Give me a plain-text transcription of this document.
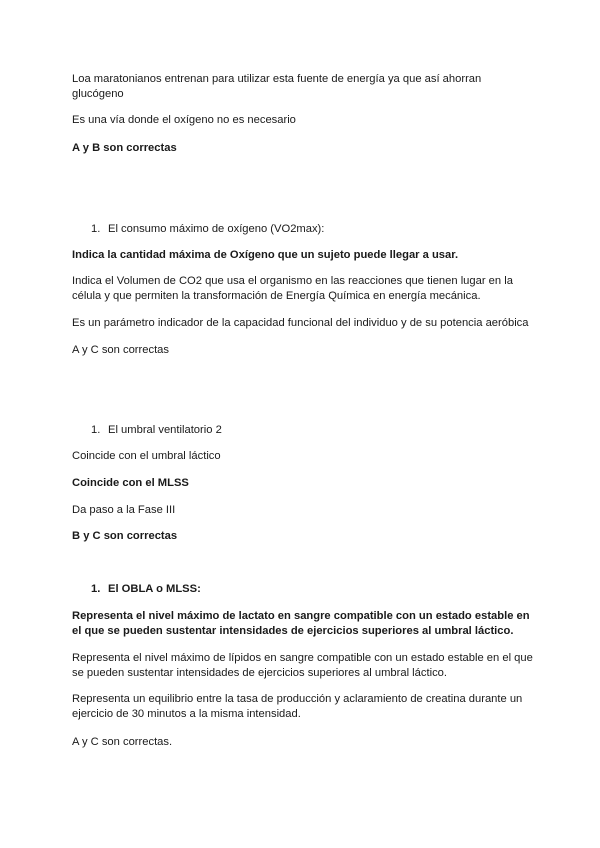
Loa maratonianos entrenan para utilizar esta fuente de energía ya que así ahorran glucógeno

Es una vía donde el oxígeno no es necesario

A y B son correctas

1. El consumo máximo de oxígeno (VO2max):

Indica la cantidad máxima de Oxígeno que un sujeto puede llegar a usar.

Indica el Volumen de CO2 que usa el organismo en las reacciones que tienen lugar en la célula y que permiten la transformación de Energía Química en energía mecánica.

Es un parámetro indicador de la capacidad funcional del individuo y de su potencia aeróbica

A y C son correctas

1. El umbral ventilatorio 2

Coincide con el umbral láctico

Coincide con el MLSS

Da paso a la Fase III

B y C son correctas

1. El OBLA o MLSS:

Representa el nivel máximo de lactato en sangre compatible con un estado estable en el que se pueden sustentar intensidades de ejercicios superiores al umbral láctico.

Representa el nivel máximo de lípidos en sangre compatible con un estado estable en el que se pueden sustentar intensidades de ejercicios superiores al umbral láctico.

Representa un equilibrio entre la tasa de producción y aclaramiento de creatina durante un ejercicio de 30 minutos a la misma intensidad.

A y C son correctas.
